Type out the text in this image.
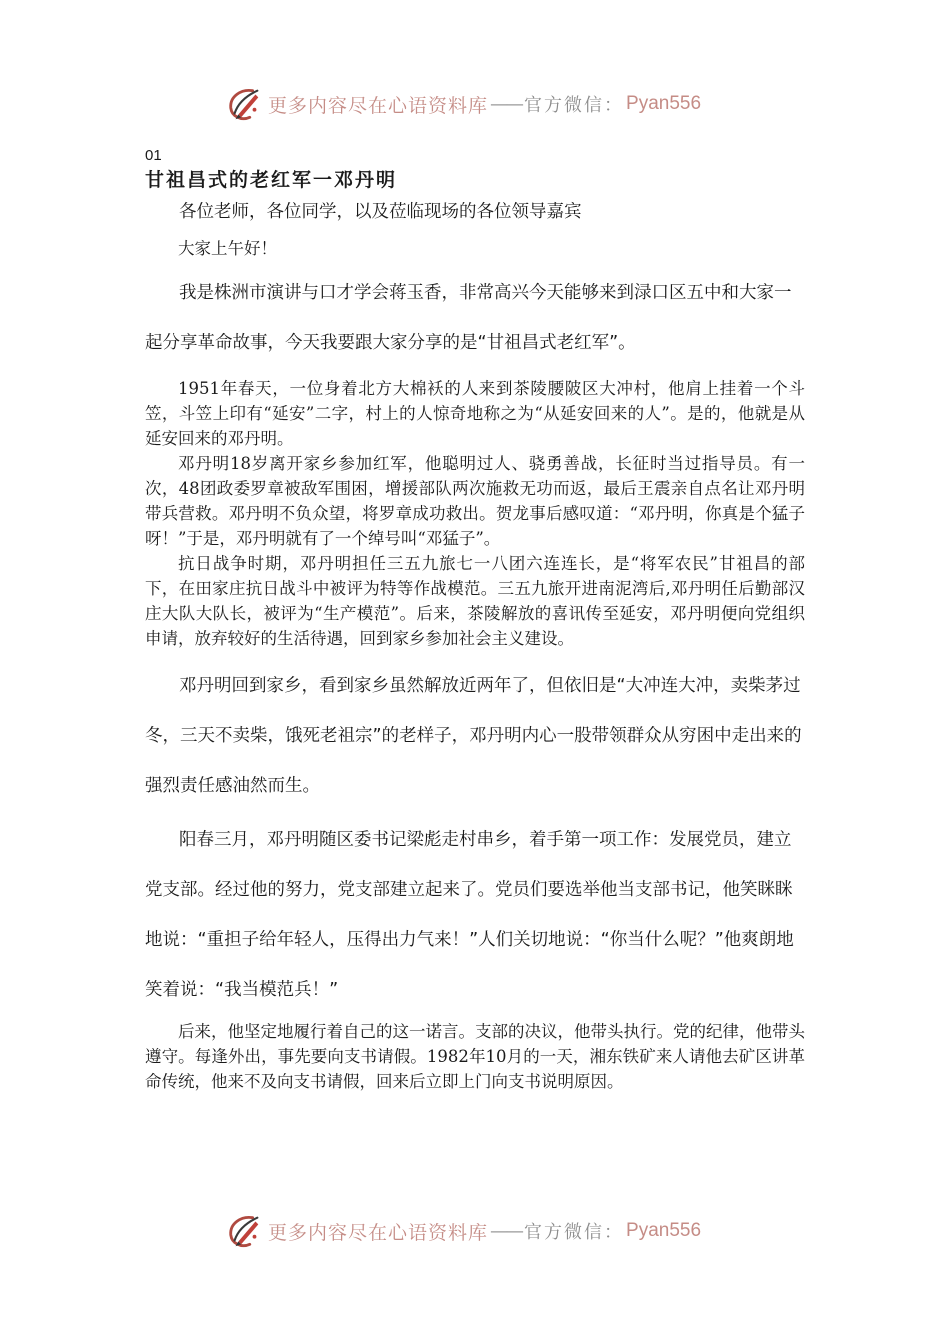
更多内容尽在心语资料库 —— 官方微信： Pyan556

01

甘祖昌式的老红军一邓丹明

各位老师，各位同学，以及莅临现场的各位领导嘉宾

大家上午好！

我是株洲市演讲与口才学会蒋玉香，非常高兴今天能够来到渌口区五中和大家一起分享革命故事，今天我要跟大家分享的是“甘祖昌式老红军”。

1951年春天，一位身着北方大棉袄的人来到茶陵腰陂区大冲村，他肩上挂着一个斗笠，斗笠上印有“延安”二字，村上的人惊奇地称之为“从延安回来的人”。是的，他就是从延安回来的邓丹明。

邓丹明18岁离开家乡参加红军，他聪明过人、骁勇善战，长征时当过指导员。有一次，48团政委罗章被敌军围困，增援部队两次施救无功而返，最后王震亲自点名让邓丹明带兵营救。邓丹明不负众望，将罗章成功救出。贺龙事后感叹道：“邓丹明，你真是个猛子呀！”于是，邓丹明就有了一个绰号叫“邓猛子”。

抗日战争时期，邓丹明担任三五九旅七一八团六连连长，是“将军农民”甘祖昌的部下，在田家庄抗日战斗中被评为特等作战模范。三五九旅开进南泥湾后,邓丹明任后勤部汉庄大队大队长，被评为“生产模范”。后来，茶陵解放的喜讯传至延安，邓丹明便向党组织申请，放弃较好的生活待遇，回到家乡参加社会主义建设。

邓丹明回到家乡，看到家乡虽然解放近两年了，但依旧是“大冲连大冲，卖柴茅过冬，三天不卖柴，饿死老祖宗”的老样子，邓丹明内心一股带领群众从穷困中走出来的强烈责任感油然而生。

阳春三月，邓丹明随区委书记梁彪走村串乡，着手第一项工作：发展党员，建立党支部。经过他的努力，党支部建立起来了。党员们要选举他当支部书记，他笑眯眯地说：“重担子给年轻人，压得出力气来！”人们关切地说：“你当什么呢？”他爽朗地笑着说：“我当模范兵！”

后来，他坚定地履行着自己的这一诺言。支部的决议，他带头执行。党的纪律，他带头遵守。每逢外出，事先要向支书请假。1982年10月的一天，湘东铁矿来人请他去矿区讲革命传统，他来不及向支书请假，回来后立即上门向支书说明原因。

更多内容尽在心语资料库 —— 官方微信： Pyan556
